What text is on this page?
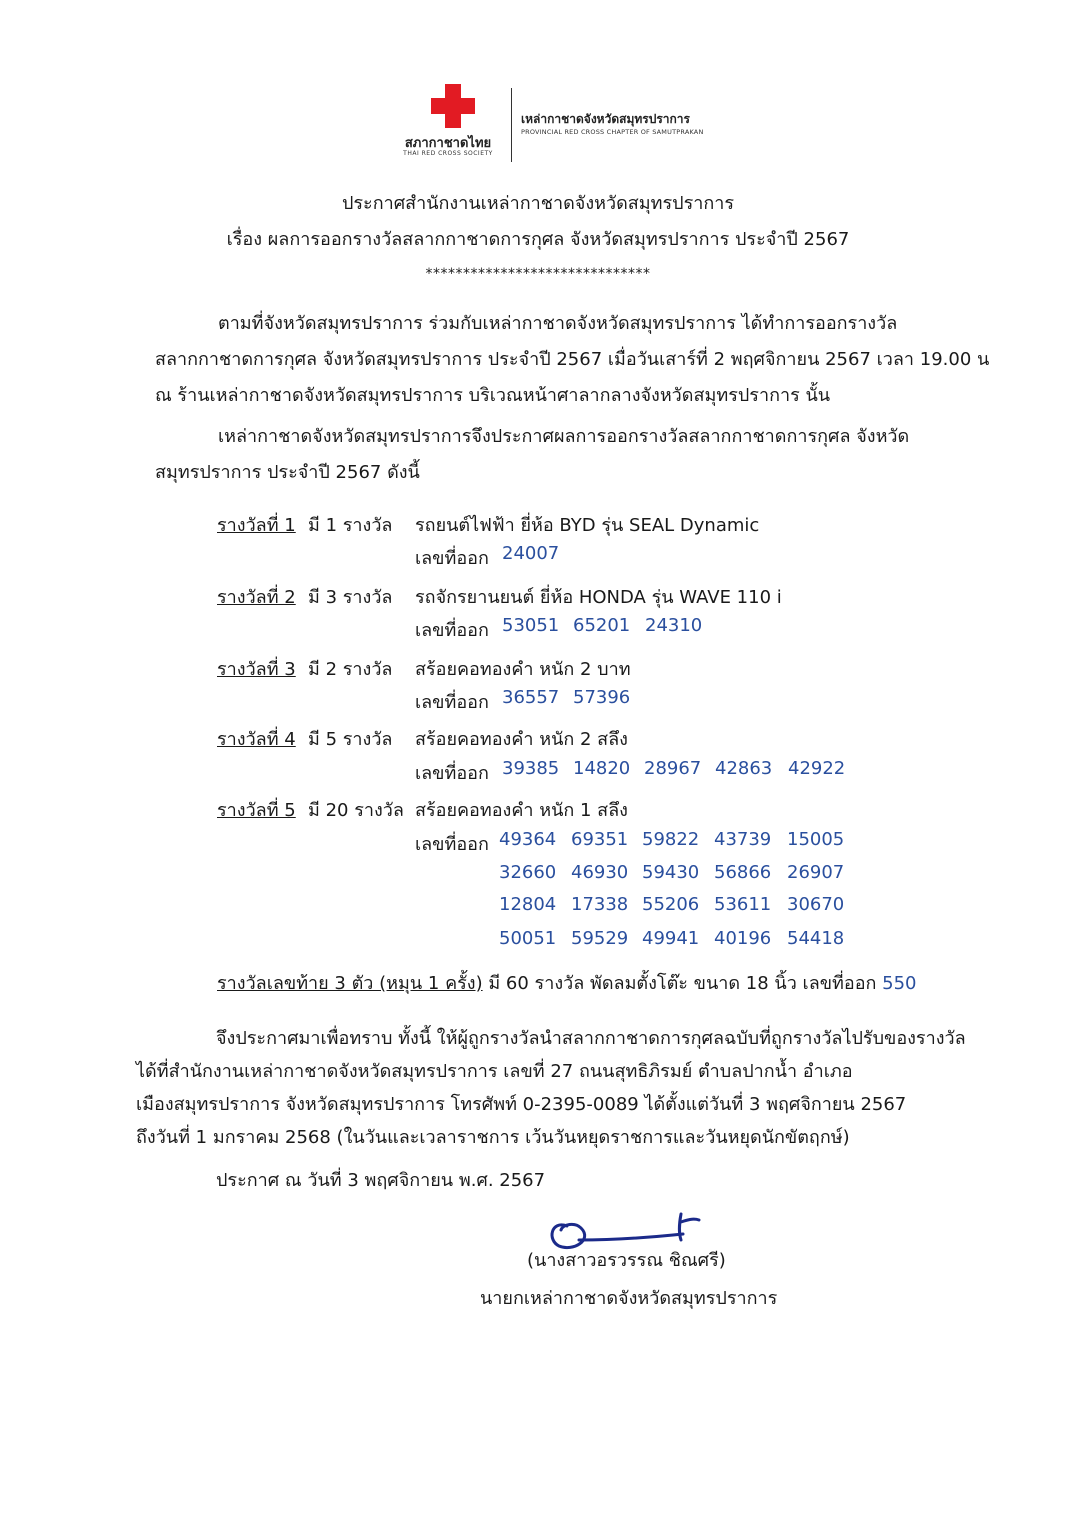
สภากาชาดไทย
THAI RED CROSS SOCIETY
เหล่ากาชาดจังหวัดสมุทรปราการ
PROVINCIAL RED CROSS CHAPTER OF SAMUTPRAKAN
ประกาศสำนักงานเหล่ากาชาดจังหวัดสมุทรปราการ
เรื่อง ผลการออกรางวัลสลากกาชาดการกุศล จังหวัดสมุทรปราการ ประจำปี 2567
******************************
ตามที่จังหวัดสมุทรปราการ ร่วมกับเหล่ากาชาดจังหวัดสมุทรปราการ ได้ทำการออกรางวัล
สลากกาชาดการกุศล จังหวัดสมุทรปราการ ประจำปี 2567 เมื่อวันเสาร์ที่ 2 พฤศจิกายน 2567 เวลา 19.00 น
ณ ร้านเหล่ากาชาดจังหวัดสมุทรปราการ บริเวณหน้าศาลากลางจังหวัดสมุทรปราการ นั้น
เหล่ากาชาดจังหวัดสมุทรปราการจึงประกาศผลการออกรางวัลสลากกาชาดการกุศล จังหวัด
สมุทรปราการ ประจำปี 2567 ดังนี้
รางวัลที่ 1 มี 1 รางวัล รถยนต์ไฟฟ้า ยี่ห้อ BYD รุ่น SEAL Dynamic
เลขที่ออก 24007
รางวัลที่ 2 มี 3 รางวัล รถจักรยานยนต์ ยี่ห้อ HONDA รุ่น WAVE 110 i
เลขที่ออก 53051 65201 24310
รางวัลที่ 3 มี 2 รางวัล สร้อยคอทองคำ หนัก 2 บาท
เลขที่ออก 36557 57396
รางวัลที่ 4 มี 5 รางวัล สร้อยคอทองคำ หนัก 2 สลึง
เลขที่ออก 39385 14820 28967 42863 42922
รางวัลที่ 5 มี 20 รางวัล สร้อยคอทองคำ หนัก 1 สลึง
เลขที่ออก 49364 69351 59822 43739 15005
32660 46930 59430 56866 26907
12804 17338 55206 53611 30670
50051 59529 49941 40196 54418
รางวัลเลขท้าย 3 ตัว (หมุน 1 ครั้ง) มี 60 รางวัล พัดลมตั้งโต๊ะ ขนาด 18 นิ้ว เลขที่ออก 550
จึงประกาศมาเพื่อทราบ ทั้งนี้ ให้ผู้ถูกรางวัลนำสลากกาชาดการกุศลฉบับที่ถูกรางวัลไปรับของรางวัล
ได้ที่สำนักงานเหล่ากาชาดจังหวัดสมุทรปราการ เลขที่ 27 ถนนสุทธิภิรมย์ ตำบลปากน้ำ อำเภอ
เมืองสมุทรปราการ จังหวัดสมุทรปราการ โทรศัพท์ 0-2395-0089 ได้ตั้งแต่วันที่ 3 พฤศจิกายน 2567
ถึงวันที่ 1 มกราคม 2568 (ในวันและเวลาราชการ เว้นวันหยุดราชการและวันหยุดนักขัตฤกษ์)
ประกาศ ณ วันที่ 3 พฤศจิกายน พ.ศ. 2567
(นางสาวอรวรรณ ชิณศรี)
นายกเหล่ากาชาดจังหวัดสมุทรปราการ
